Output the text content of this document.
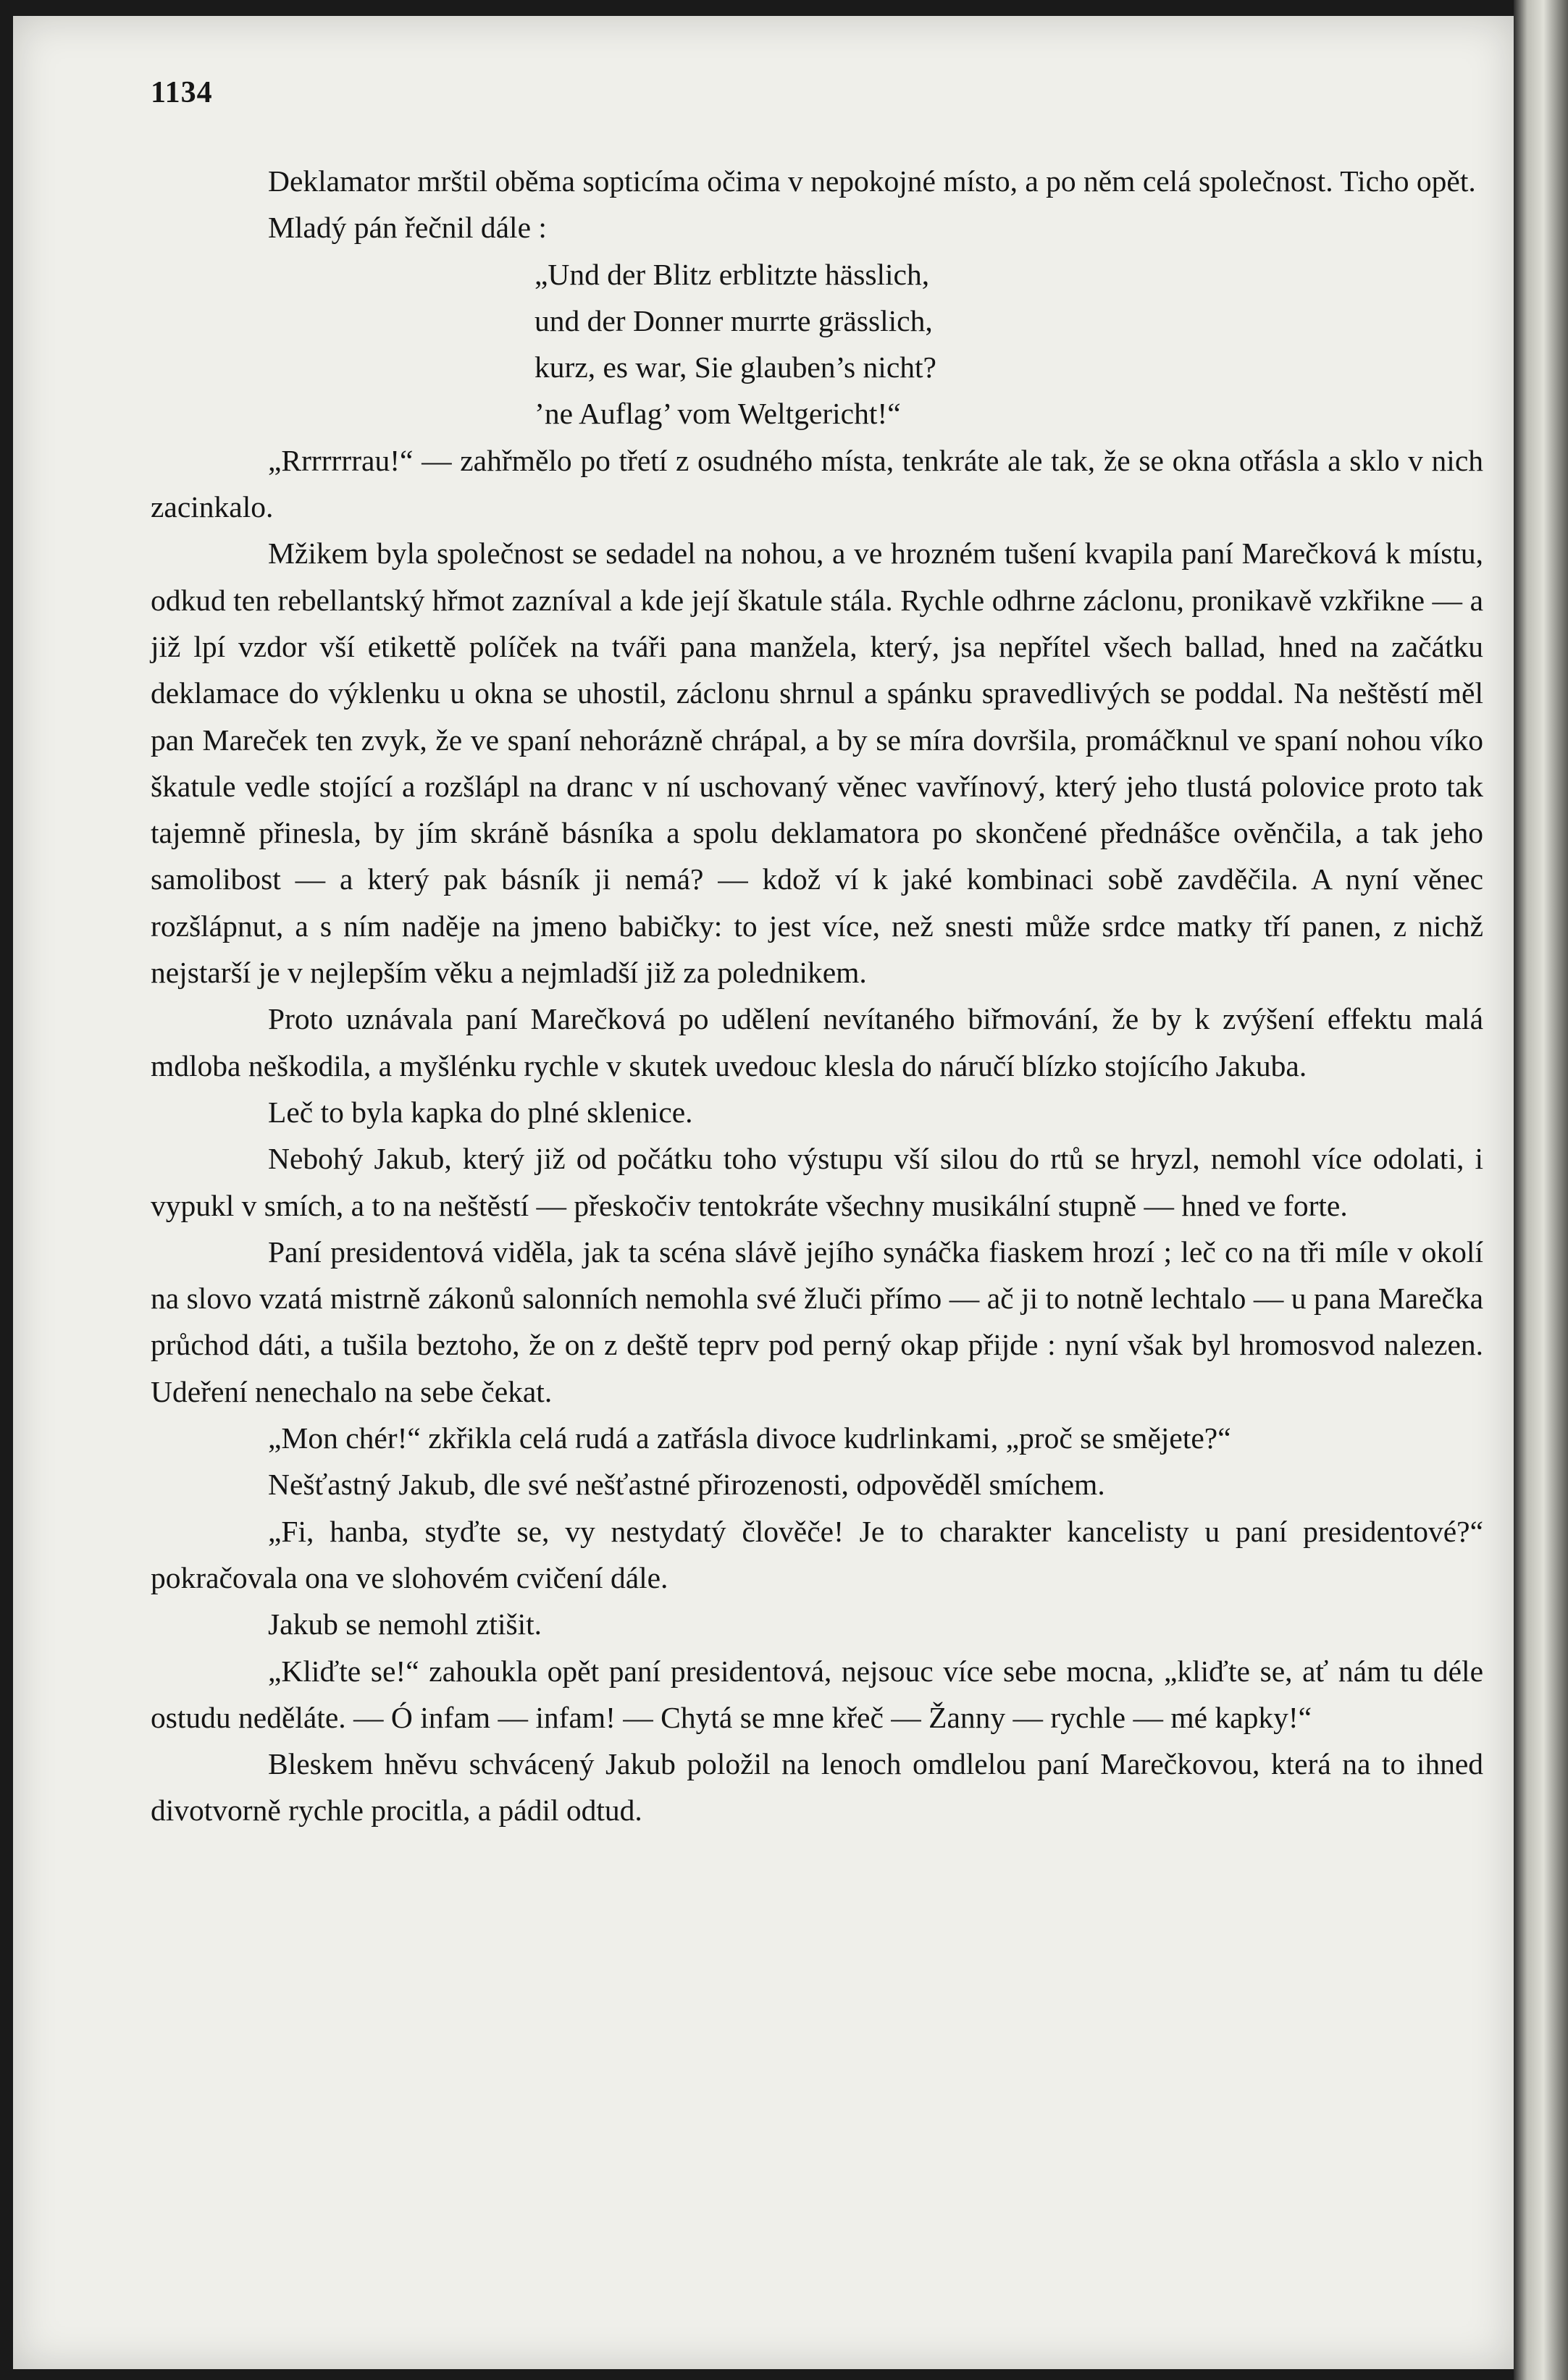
1134

Deklamator mrštil oběma sopticíma očima v nepokojné místo, a po něm celá společnost. Ticho opět.

Mladý pán řečnil dále :

„Und der Blitz erblitzte hässlich,
und der Donner murrte grässlich,
kurz, es war, Sie glauben’s nicht?
’ne Auflag’ vom Weltgericht!“

„Rrrrrrrau!“ — zahřmělo po třetí z osudného místa, tenkráte ale tak, že se okna otřásla a sklo v nich zacinkalo.

Mžikem byla společnost se sedadel na nohou, a ve hrozném tušení kvapila paní Marečková k místu, odkud ten rebellantský hřmot zazníval a kde její škatule stála. Rychle odhrne záclonu, pronikavě vzkřikne — a již lpí vzdor vší etikettě políček na tváři pana manžela, který, jsa nepřítel všech ballad, hned na začátku deklamace do výklenku u okna se uhostil, záclonu shrnul a spánku spravedlivých se poddal. Na neštěstí měl pan Mareček ten zvyk, že ve spaní nehorázně chrápal, a by se míra dovršila, promáčknul ve spaní nohou víko škatule vedle stojící a rozšlápl na dranc v ní uschovaný věnec vavřínový, který jeho tlustá polovice proto tak tajemně přinesla, by jím skráně básníka a spolu deklamatora po skončené přednášce ověnčila, a tak jeho samolibost — a který pak básník ji nemá? — kdož ví k jaké kombinaci sobě zavděčila. A nyní věnec rozšlápnut, a s ním naděje na jmeno babičky: to jest více, než snesti může srdce matky tří panen, z nichž nejstarší je v nejlepším věku a nejmladší již za polednikem.

Proto uznávala paní Marečková po udělení nevítaného biřmování, že by k zvýšení effektu malá mdloba neškodila, a myšlénku rychle v skutek uvedouc klesla do náručí blízko stojícího Jakuba.

Leč to byla kapka do plné sklenice.

Nebohý Jakub, který již od počátku toho výstupu vší silou do rtů se hryzl, nemohl více odolati, i vypukl v smích, a to na neštěstí — přeskočiv tentokráte všechny musikální stupně — hned ve forte.

Paní presidentová viděla, jak ta scéna slávě jejího synáčka fiaskem hrozí ; leč co na tři míle v okolí na slovo vzatá mistrně zákonů salonních nemohla své žluči přímo — ač ji to notně lechtalo — u pana Marečka průchod dáti, a tušila beztoho, že on z deště teprv pod perný okap přijde : nyní však byl hromosvod nalezen. Udeření nenechalo na sebe čekat.

„Mon chér!“ zkřikla celá rudá a zatřásla divoce kudrlinkami, „proč se smějete?“

Nešťastný Jakub, dle své nešťastné přirozenosti, odpověděl smíchem.

„Fi, hanba, styďte se, vy nestydatý člověče! Je to charakter kancelisty u paní presidentové?“ pokračovala ona ve slohovém cvičení dále.

Jakub se nemohl ztišit.

„Kliďte se!“ zahoukla opět paní presidentová, nejsouc více sebe mocna, „kliďte se, ať nám tu déle ostudu neděláte. — Ó infam — infam! — Chytá se mne křeč — Žanny — rychle — mé kapky!“

Bleskem hněvu schvácený Jakub položil na lenoch omdlelou paní Marečkovou, která na to ihned divotvorně rychle procitla, a pádil odtud.
